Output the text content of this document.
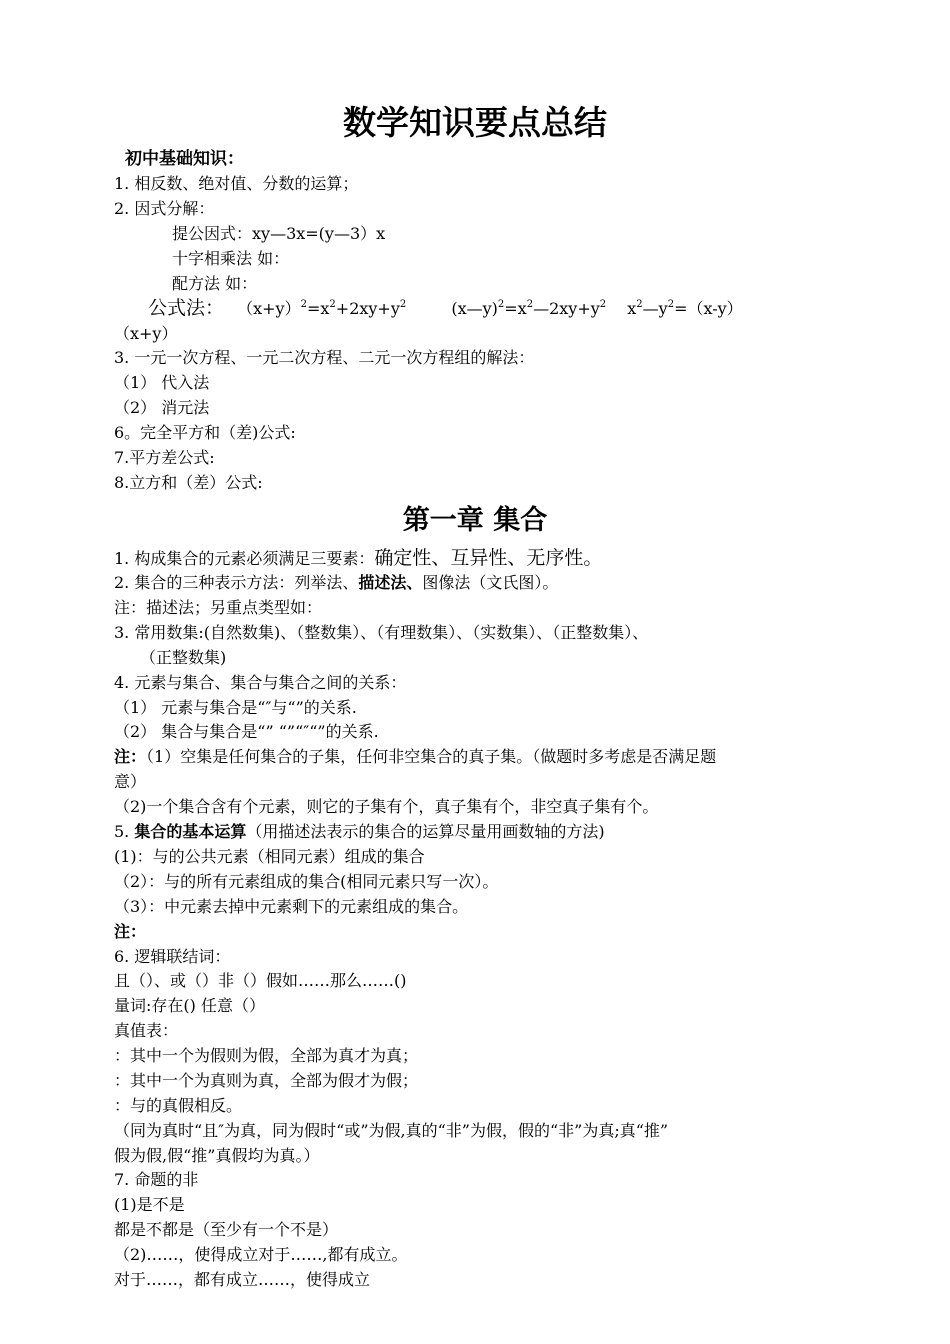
数学知识要点总结
初中基础知识：
1. 相反数、绝对值、分数的运算；
2. 因式分解：
提公因式：xy—3x=(y—3）x
十字相乘法 如：
配方法 如：
公式法： $(x+y)^2=x^2+2xy+y^2$	$(x—y)^2=x^2—2xy+y^2$ $x^2—y^2=(x-y)$
（x+y）
3. 一元一次方程、一元二次方程、二元一次方程组的解法：
（1） 代入法
（2） 消元法
6。完全平方和（差)公式:
7.平方差公式:
8.立方和（差）公式:
第一章 集合
1. 构成集合的元素必须满足三要素：确定性、互异性、无序性。
2. 集合的三种表示方法：列举法、描述法、图像法（文氏图）。
注：描述法；另重点类型如：
3. 常用数集:(自然数集)、（整数集）、（有理数集）、（实数集）、（正整数集）、
（正整数集)
4. 元素与集合、集合与集合之间的关系：
（1） 元素与集合是“″与“”的关系.
（2） 集合与集合是“” “”“″“”的关系.
注：（1）空集是任何集合的子集，任何非空集合的真子集。（做题时多考虑是否满足题
意）
（2)一个集合含有个元素，则它的子集有个，真子集有个，非空真子集有个。
5. 集合的基本运算（用描述法表示的集合的运算尽量用画数轴的方法)
(1)：与的公共元素（相同元素）组成的集合
（2）：与的所有元素组成的集合(相同元素只写一次）。
（3）：中元素去掉中元素剩下的元素组成的集合。
注：
6. 逻辑联结词：
且（）、或（）非（）假如……那么……()
量词:存在() 任意（）
真值表：
：其中一个为假则为假，全部为真才为真；
：其中一个为真则为真，全部为假才为假；
：与的真假相反。
（同为真时“且″为真，同为假时“或”为假,真的“非”为假，假的“非”为真;真“推”
假为假,假“推”真假均为真。）
7. 命题的非
(1)是不是
都是不都是（至少有一个不是）
（2)……，使得成立对于……,都有成立。
对于……，都有成立……，使得成立
